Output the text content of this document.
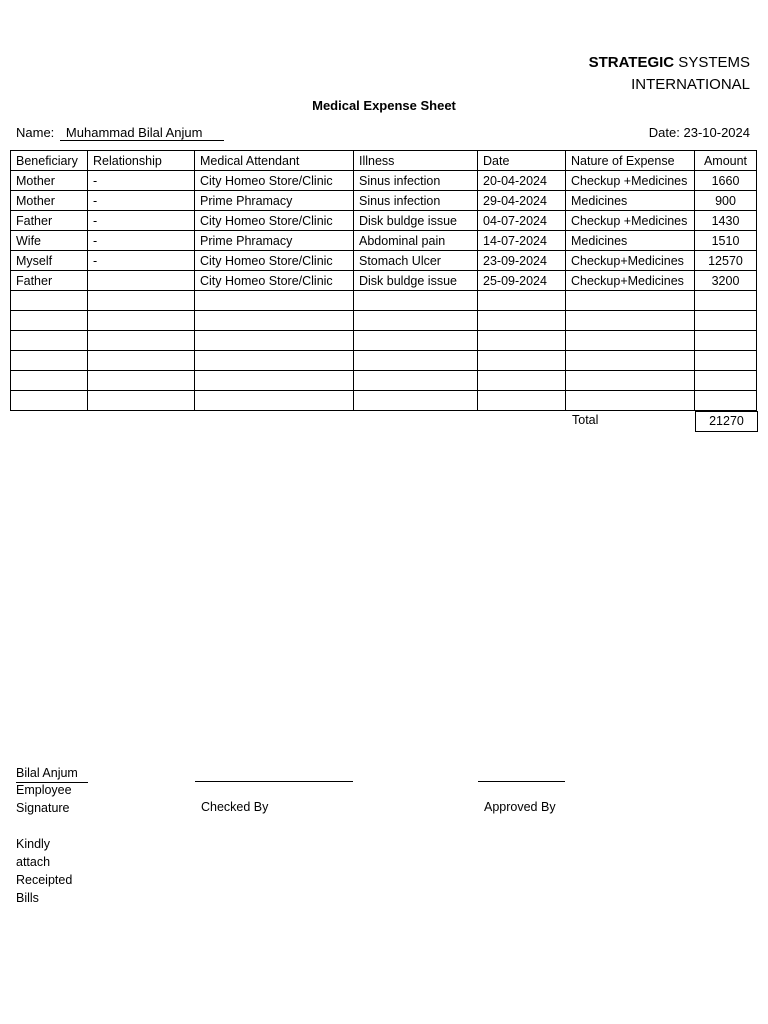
STRATEGIC SYSTEMS
INTERNATIONAL
Medical Expense Sheet
Name: Muhammad Bilal Anjum	Date: 23-10-2024
Beneficiary	Relationship	Medical Attendant	Illness	Date	Nature of Expense	Amount
Mother	-	City Homeo Store/Clinic	Sinus infection	20-04-2024	Checkup +Medicines	1660
Mother	-	Prime Phramacy	Sinus infection	29-04-2024	Medicines	900
Father	-	City Homeo Store/Clinic	Disk buldge issue	04-07-2024	Checkup +Medicines	1430
Wife	-	Prime Phramacy	Abdominal pain	14-07-2024	Medicines	1510
Myself	-	City Homeo Store/Clinic	Stomach Ulcer	23-09-2024	Checkup+Medicines	12570
Father		City Homeo Store/Clinic	Disk buldge issue	25-09-2024	Checkup+Medicines	3200

Total	21270
Bilal Anjum
Employee Signature	Checked By	Approved By
Kindly attach Receipted Bills
